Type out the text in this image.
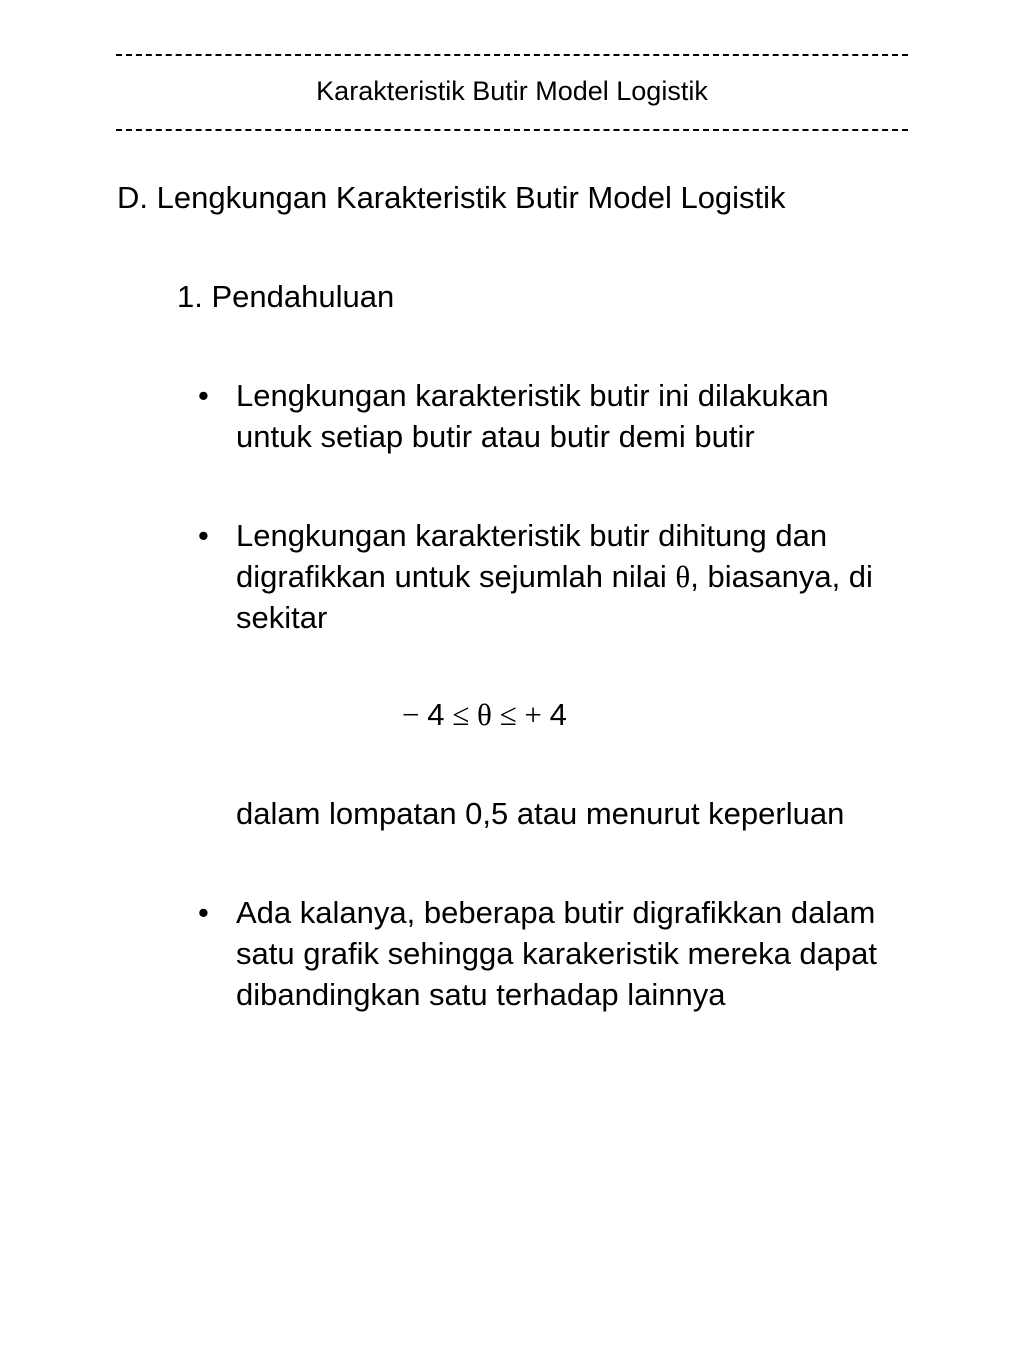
Karakteristik Butir Model Logistik
D. Lengkungan Karakteristik Butir Model Logistik
1. Pendahuluan
• Lengkungan karakteristik butir ini dilakukan
untuk setiap butir atau butir demi butir
• Lengkungan karakteristik butir dihitung dan
digrafikkan untuk sejumlah nilai θ, biasanya, di
sekitar
− 4 ≤ θ ≤ + 4
dalam lompatan 0,5 atau menurut keperluan
• Ada kalanya, beberapa butir digrafikkan dalam
satu grafik sehingga karakeristik mereka dapat
dibandingkan satu terhadap lainnya
